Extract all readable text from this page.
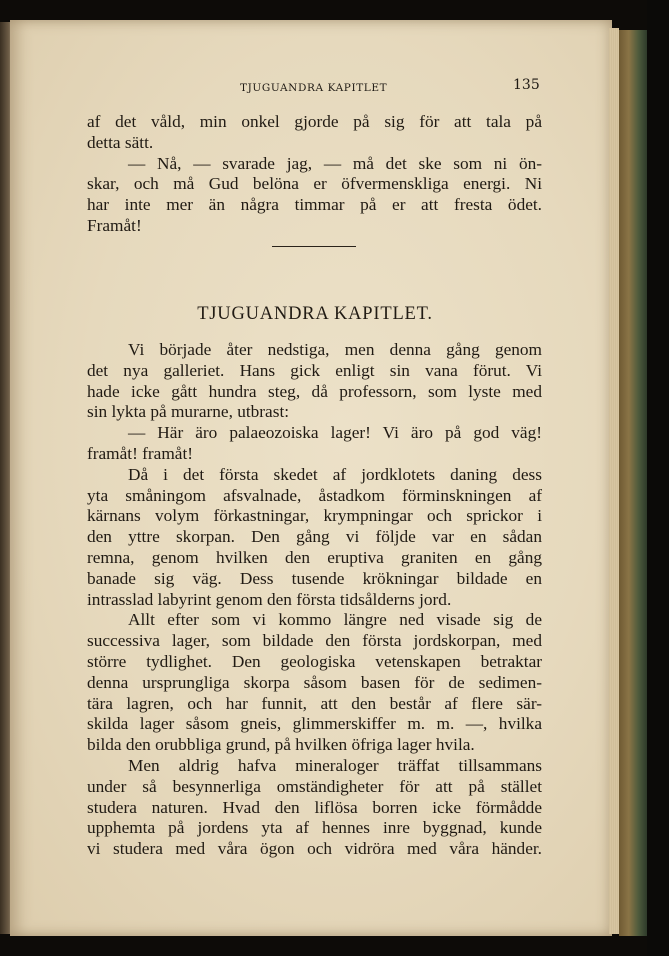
TJUGUANDRA KAPITLET	135
af det våld, min onkel gjorde på sig för att tala på
detta sätt.
— Nå, — svarade jag, — må det ske som ni ön-
skar, och må Gud belöna er öfvermenskliga energi. Ni
har inte mer än några timmar på er att fresta ödet.
Framåt!
TJUGUANDRA KAPITLET.
Vi började åter nedstiga, men denna gång genom
det nya galleriet. Hans gick enligt sin vana förut. Vi
hade icke gått hundra steg, då professorn, som lyste med
sin lykta på murarne, utbrast:
— Här äro palaeozoiska lager! Vi äro på god väg!
framåt! framåt!
Då i det första skedet af jordklotets daning dess
yta småningom afsvalnade, åstadkom förminskningen af
kärnans volym förkastningar, krympningar och sprickor i
den yttre skorpan. Den gång vi följde var en sådan
remna, genom hvilken den eruptiva graniten en gång
banade sig väg. Dess tusende krökningar bildade en
intrasslad labyrint genom den första tidsålderns jord.
Allt efter som vi kommo längre ned visade sig de
successiva lager, som bildade den första jordskorpan, med
större tydlighet. Den geologiska vetenskapen betraktar
denna ursprungliga skorpa såsom basen för de sedimen-
tära lagren, och har funnit, att den består af flere sär-
skilda lager såsom gneis, glimmerskiffer m. m. —, hvilka
bilda den orubbliga grund, på hvilken öfriga lager hvila.
Men aldrig hafva mineraloger träffat tillsammans
under så besynnerliga omständigheter för att på stället
studera naturen. Hvad den liflösa borren icke förmådde
upphemta på jordens yta af hennes inre byggnad, kunde
vi studera med våra ögon och vidröra med våra händer.
